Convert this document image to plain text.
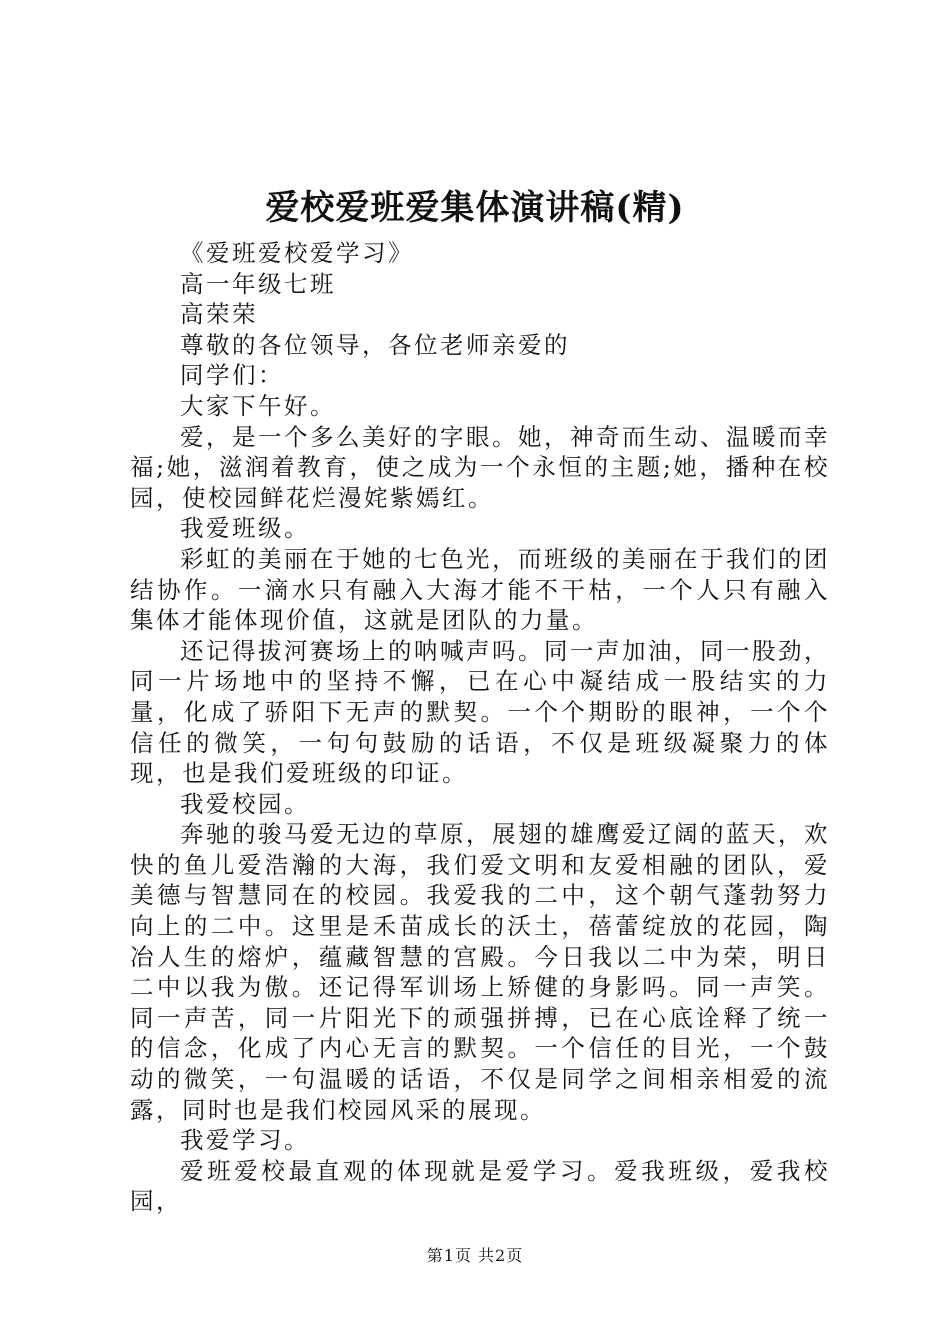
爱校爱班爱集体演讲稿(精)

《爱班爱校爱学习》

高一年级七班

高荣荣

尊敬的各位领导，各位老师亲爱的

同学们：

大家下午好。

爱，是一个多么美好的字眼。她，神奇而生动、温暖而幸福;她，滋润着教育，使之成为一个永恒的主题;她，播种在校园，使校园鲜花烂漫姹紫嫣红。

我爱班级。

彩虹的美丽在于她的七色光，而班级的美丽在于我们的团结协作。一滴水只有融入大海才能不干枯，一个人只有融入集体才能体现价值，这就是团队的力量。

还记得拔河赛场上的呐喊声吗。同一声加油，同一股劲，同一片场地中的坚持不懈，已在心中凝结成一股结实的力量，化成了骄阳下无声的默契。一个个期盼的眼神，一个个信任的微笑，一句句鼓励的话语，不仅是班级凝聚力的体现，也是我们爱班级的印证。

我爱校园。

奔驰的骏马爱无边的草原，展翅的雄鹰爱辽阔的蓝天，欢快的鱼儿爱浩瀚的大海，我们爱文明和友爱相融的团队，爱美德与智慧同在的校园。我爱我的二中，这个朝气蓬勃努力向上的二中。这里是禾苗成长的沃土，蓓蕾绽放的花园，陶冶人生的熔炉，蕴藏智慧的宫殿。今日我以二中为荣，明日二中以我为傲。还记得军训场上矫健的身影吗。同一声笑。同一声苦，同一片阳光下的顽强拼搏，已在心底诠释了统一的信念，化成了内心无言的默契。一个信任的目光，一个鼓动的微笑，一句温暖的话语，不仅是同学之间相亲相爱的流露，同时也是我们校园风采的展现。

我爱学习。

爱班爱校最直观的体现就是爱学习。爱我班级，爱我校园，

第1页 共2页
